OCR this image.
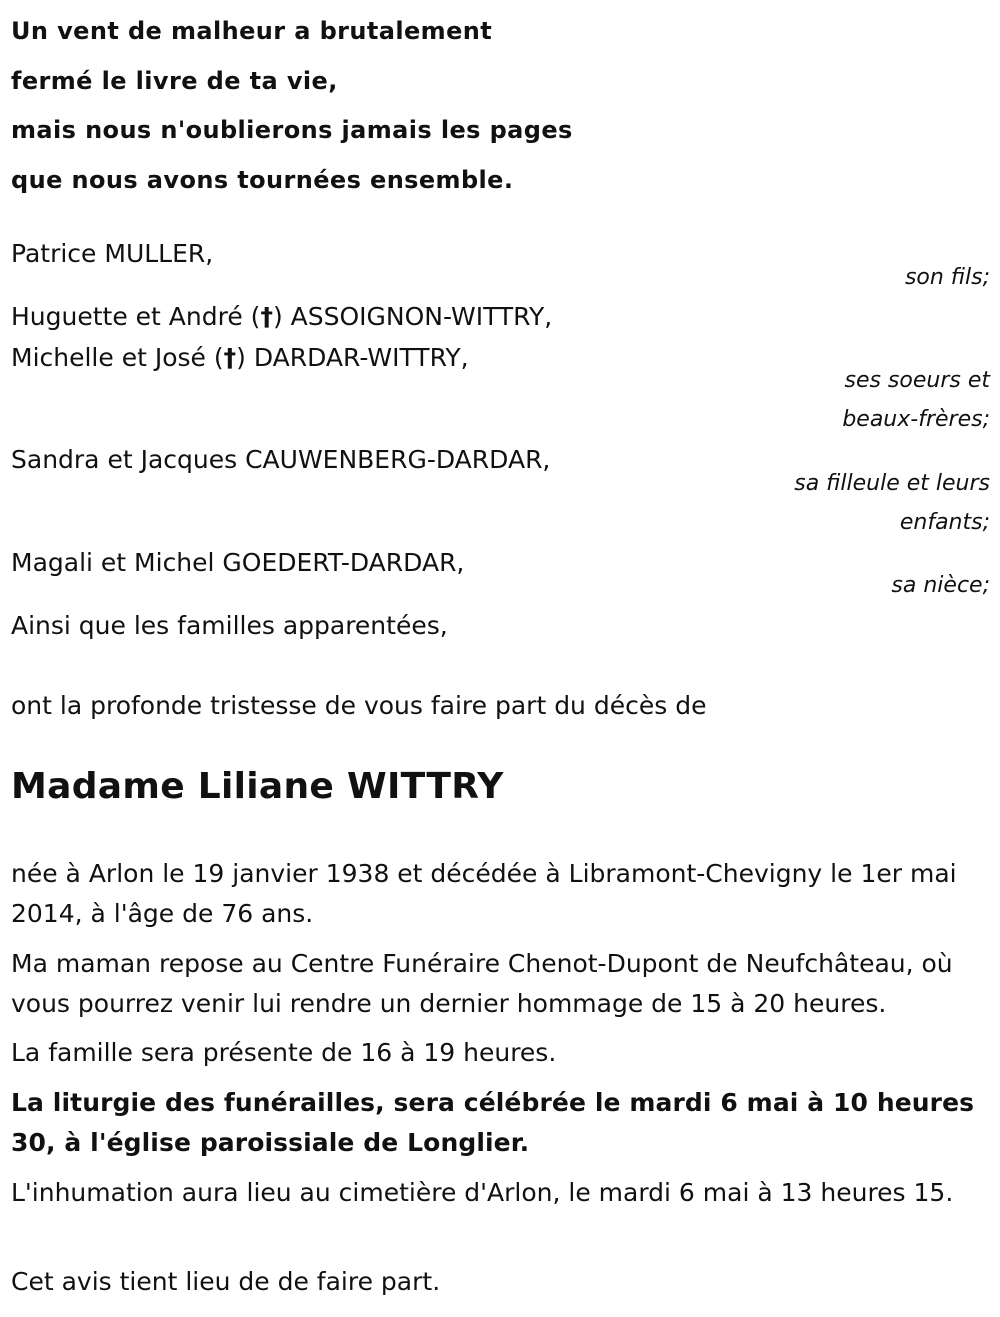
Un vent de malheur a brutalement
fermé le livre de ta vie,
mais nous n'oublierons jamais les pages
que nous avons tournées ensemble.
Patrice MULLER,
son fils;
Huguette et André (†) ASSOIGNON-WITTRY,
Michelle et José (†) DARDAR-WITTRY,
ses soeurs et
beaux-frères;
Sandra et Jacques CAUWENBERG-DARDAR,
sa filleule et leurs
enfants;
Magali et Michel GOEDERT-DARDAR,
sa nièce;
Ainsi que les familles apparentées,
ont la profonde tristesse de vous faire part du décès de
Madame Liliane WITTRY
née à Arlon le 19 janvier 1938 et décédée à Libramont-Chevigny le 1er mai 2014, à l'âge de 76 ans.
Ma maman repose au Centre Funéraire Chenot-Dupont de Neufchâteau, où vous pourrez venir lui rendre un dernier hommage de 15 à 20 heures.
La famille sera présente de 16 à 19 heures.
La liturgie des funérailles, sera célébrée le mardi 6 mai à 10 heures 30, à l'église paroissiale de Longlier.
L'inhumation aura lieu au cimetière d'Arlon, le mardi 6 mai à 13 heures 15.
Cet avis tient lieu de de faire part.
